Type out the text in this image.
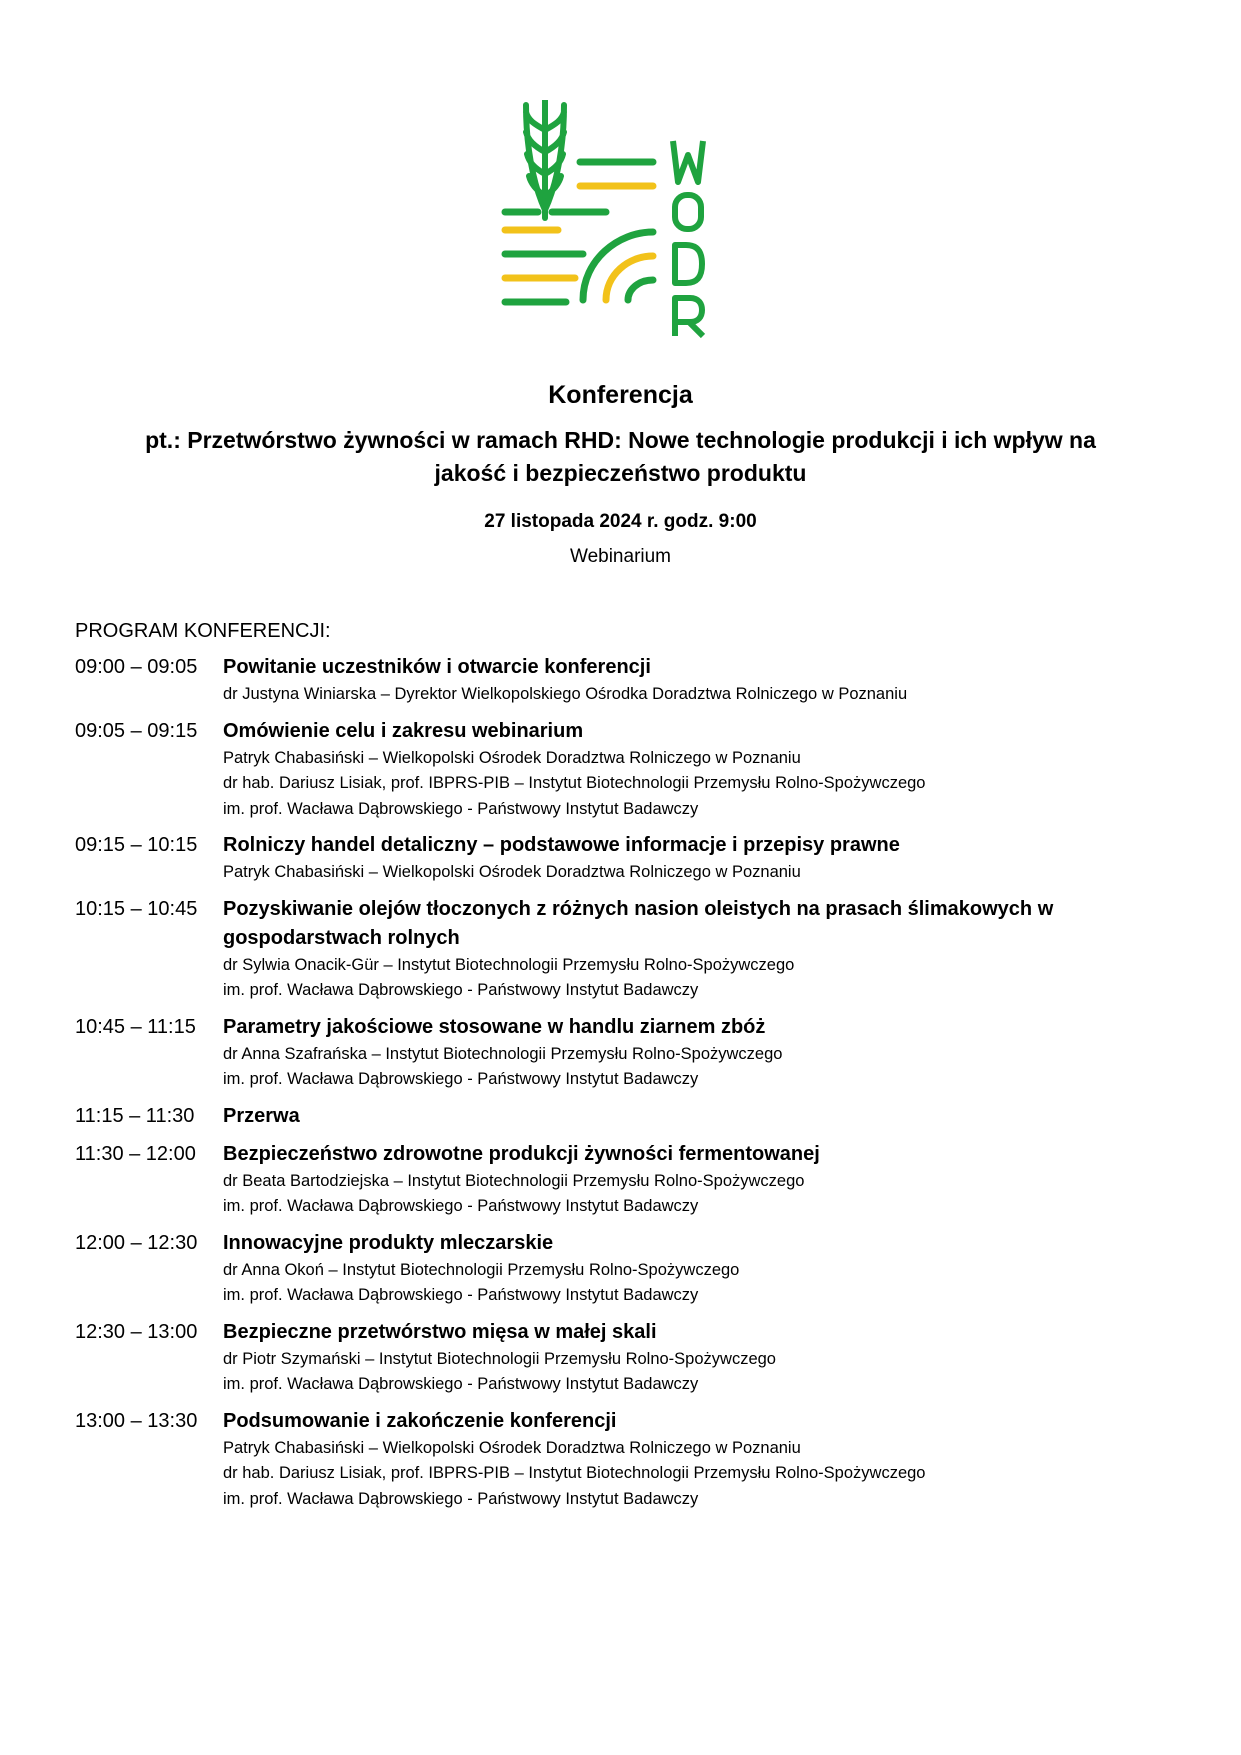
Konferencja
pt.: Przetwórstwo żywności w ramach RHD: Nowe technologie produkcji i ich wpływ na
jakość i bezpieczeństwo produktu
27 listopada 2024 r. godz. 9:00
Webinarium
PROGRAM KONFERENCJI:
09:00 – 09:05	Powitanie uczestników i otwarcie konferencji
dr Justyna Winiarska – Dyrektor Wielkopolskiego Ośrodka Doradztwa Rolniczego w Poznaniu
09:05 – 09:15	Omówienie celu i zakresu webinarium
Patryk Chabasiński – Wielkopolski Ośrodek Doradztwa Rolniczego w Poznaniu
dr hab. Dariusz Lisiak, prof. IBPRS-PIB – Instytut Biotechnologii Przemysłu Rolno-Spożywczego
im. prof. Wacława Dąbrowskiego - Państwowy Instytut Badawczy
09:15 – 10:15	Rolniczy handel detaliczny – podstawowe informacje i przepisy prawne
Patryk Chabasiński – Wielkopolski Ośrodek Doradztwa Rolniczego w Poznaniu
10:15 – 10:45	Pozyskiwanie olejów tłoczonych z różnych nasion oleistych na prasach ślimakowych w gospodarstwach rolnych
dr Sylwia Onacik-Gür – Instytut Biotechnologii Przemysłu Rolno-Spożywczego
im. prof. Wacława Dąbrowskiego - Państwowy Instytut Badawczy
10:45 – 11:15	Parametry jakościowe stosowane w handlu ziarnem zbóż
dr Anna Szafrańska – Instytut Biotechnologii Przemysłu Rolno-Spożywczego
im. prof. Wacława Dąbrowskiego - Państwowy Instytut Badawczy
11:15 – 11:30	Przerwa
11:30 – 12:00	Bezpieczeństwo zdrowotne produkcji żywności fermentowanej
dr Beata Bartodziejska – Instytut Biotechnologii Przemysłu Rolno-Spożywczego
im. prof. Wacława Dąbrowskiego - Państwowy Instytut Badawczy
12:00 – 12:30	Innowacyjne produkty mleczarskie
dr Anna Okoń – Instytut Biotechnologii Przemysłu Rolno-Spożywczego
im. prof. Wacława Dąbrowskiego - Państwowy Instytut Badawczy
12:30 – 13:00	Bezpieczne przetwórstwo mięsa w małej skali
dr Piotr Szymański – Instytut Biotechnologii Przemysłu Rolno-Spożywczego
im. prof. Wacława Dąbrowskiego - Państwowy Instytut Badawczy
13:00 – 13:30	Podsumowanie i zakończenie konferencji
Patryk Chabasiński – Wielkopolski Ośrodek Doradztwa Rolniczego w Poznaniu
dr hab. Dariusz Lisiak, prof. IBPRS-PIB – Instytut Biotechnologii Przemysłu Rolno-Spożywczego
im. prof. Wacława Dąbrowskiego - Państwowy Instytut Badawczy
